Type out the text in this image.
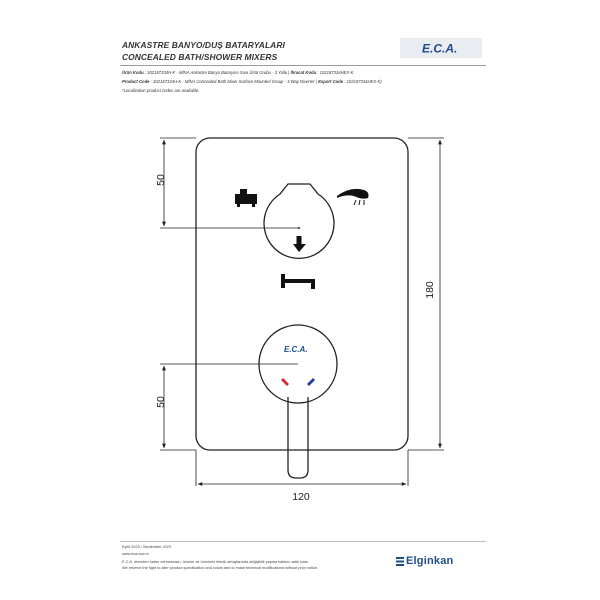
ANKASTRE BANYO/DUŞ BATARYALARI
CONCEALED BATH/SHOWER MIXERS
E.C.A.
Ürün Kodu : 102187334H-K - MİNA Ankastre Banyo Bataryası Sıva Üstü Grubu - 3 Yollu | İhracat Kodu : 102187334HEX-K
Product Code : 102187334H-K - MİNA Concealed Bath Mixer Surface Mounted Group - 3 Way Diverter | Export Code : 102187334HEX-K)
*Localization product codes are available.
E.C.A.
50
50
180
120
Eylül 2023 / September 2023
www.eca.com.tr
E.C.A. önceden haber vermeksizin, ürünler ve ürünlerin teknik detaylarında değişiklik yapma hakkını saklı tutar.
We reserve the right to alter product specification and colors and to make technical modifications without prior notice.
Elginkan
